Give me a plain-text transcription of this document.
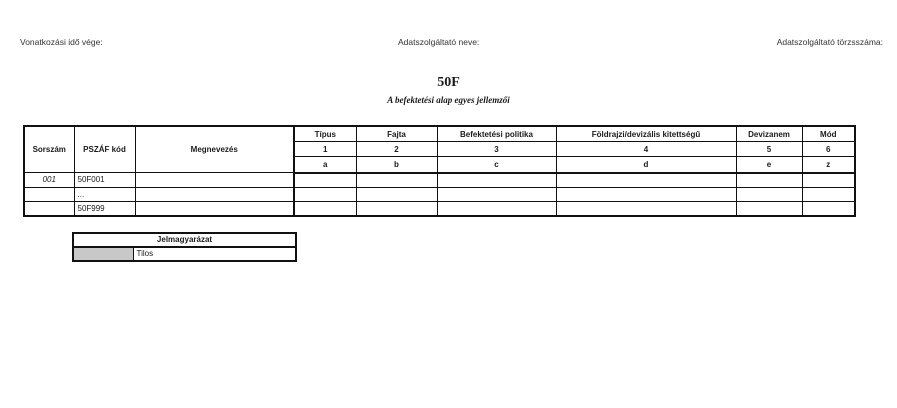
Vonatkozási idő vége:	Adatszolgáltató neve:	Adatszolgáltató törzsszáma:
50F
A befektetési alap egyes jellemzői
Sorszám	PSZÁF kód	Megnevezés	Típus	Fajta	Befektetési politika	Földrajzi/devizális kitettségű	Devizanem	Mód
			1	2	3	4	5	6
			a	b	c	d	e	z
001	50F001							
	...							
	50F999							
Jelmagyarázat
	Tilos
